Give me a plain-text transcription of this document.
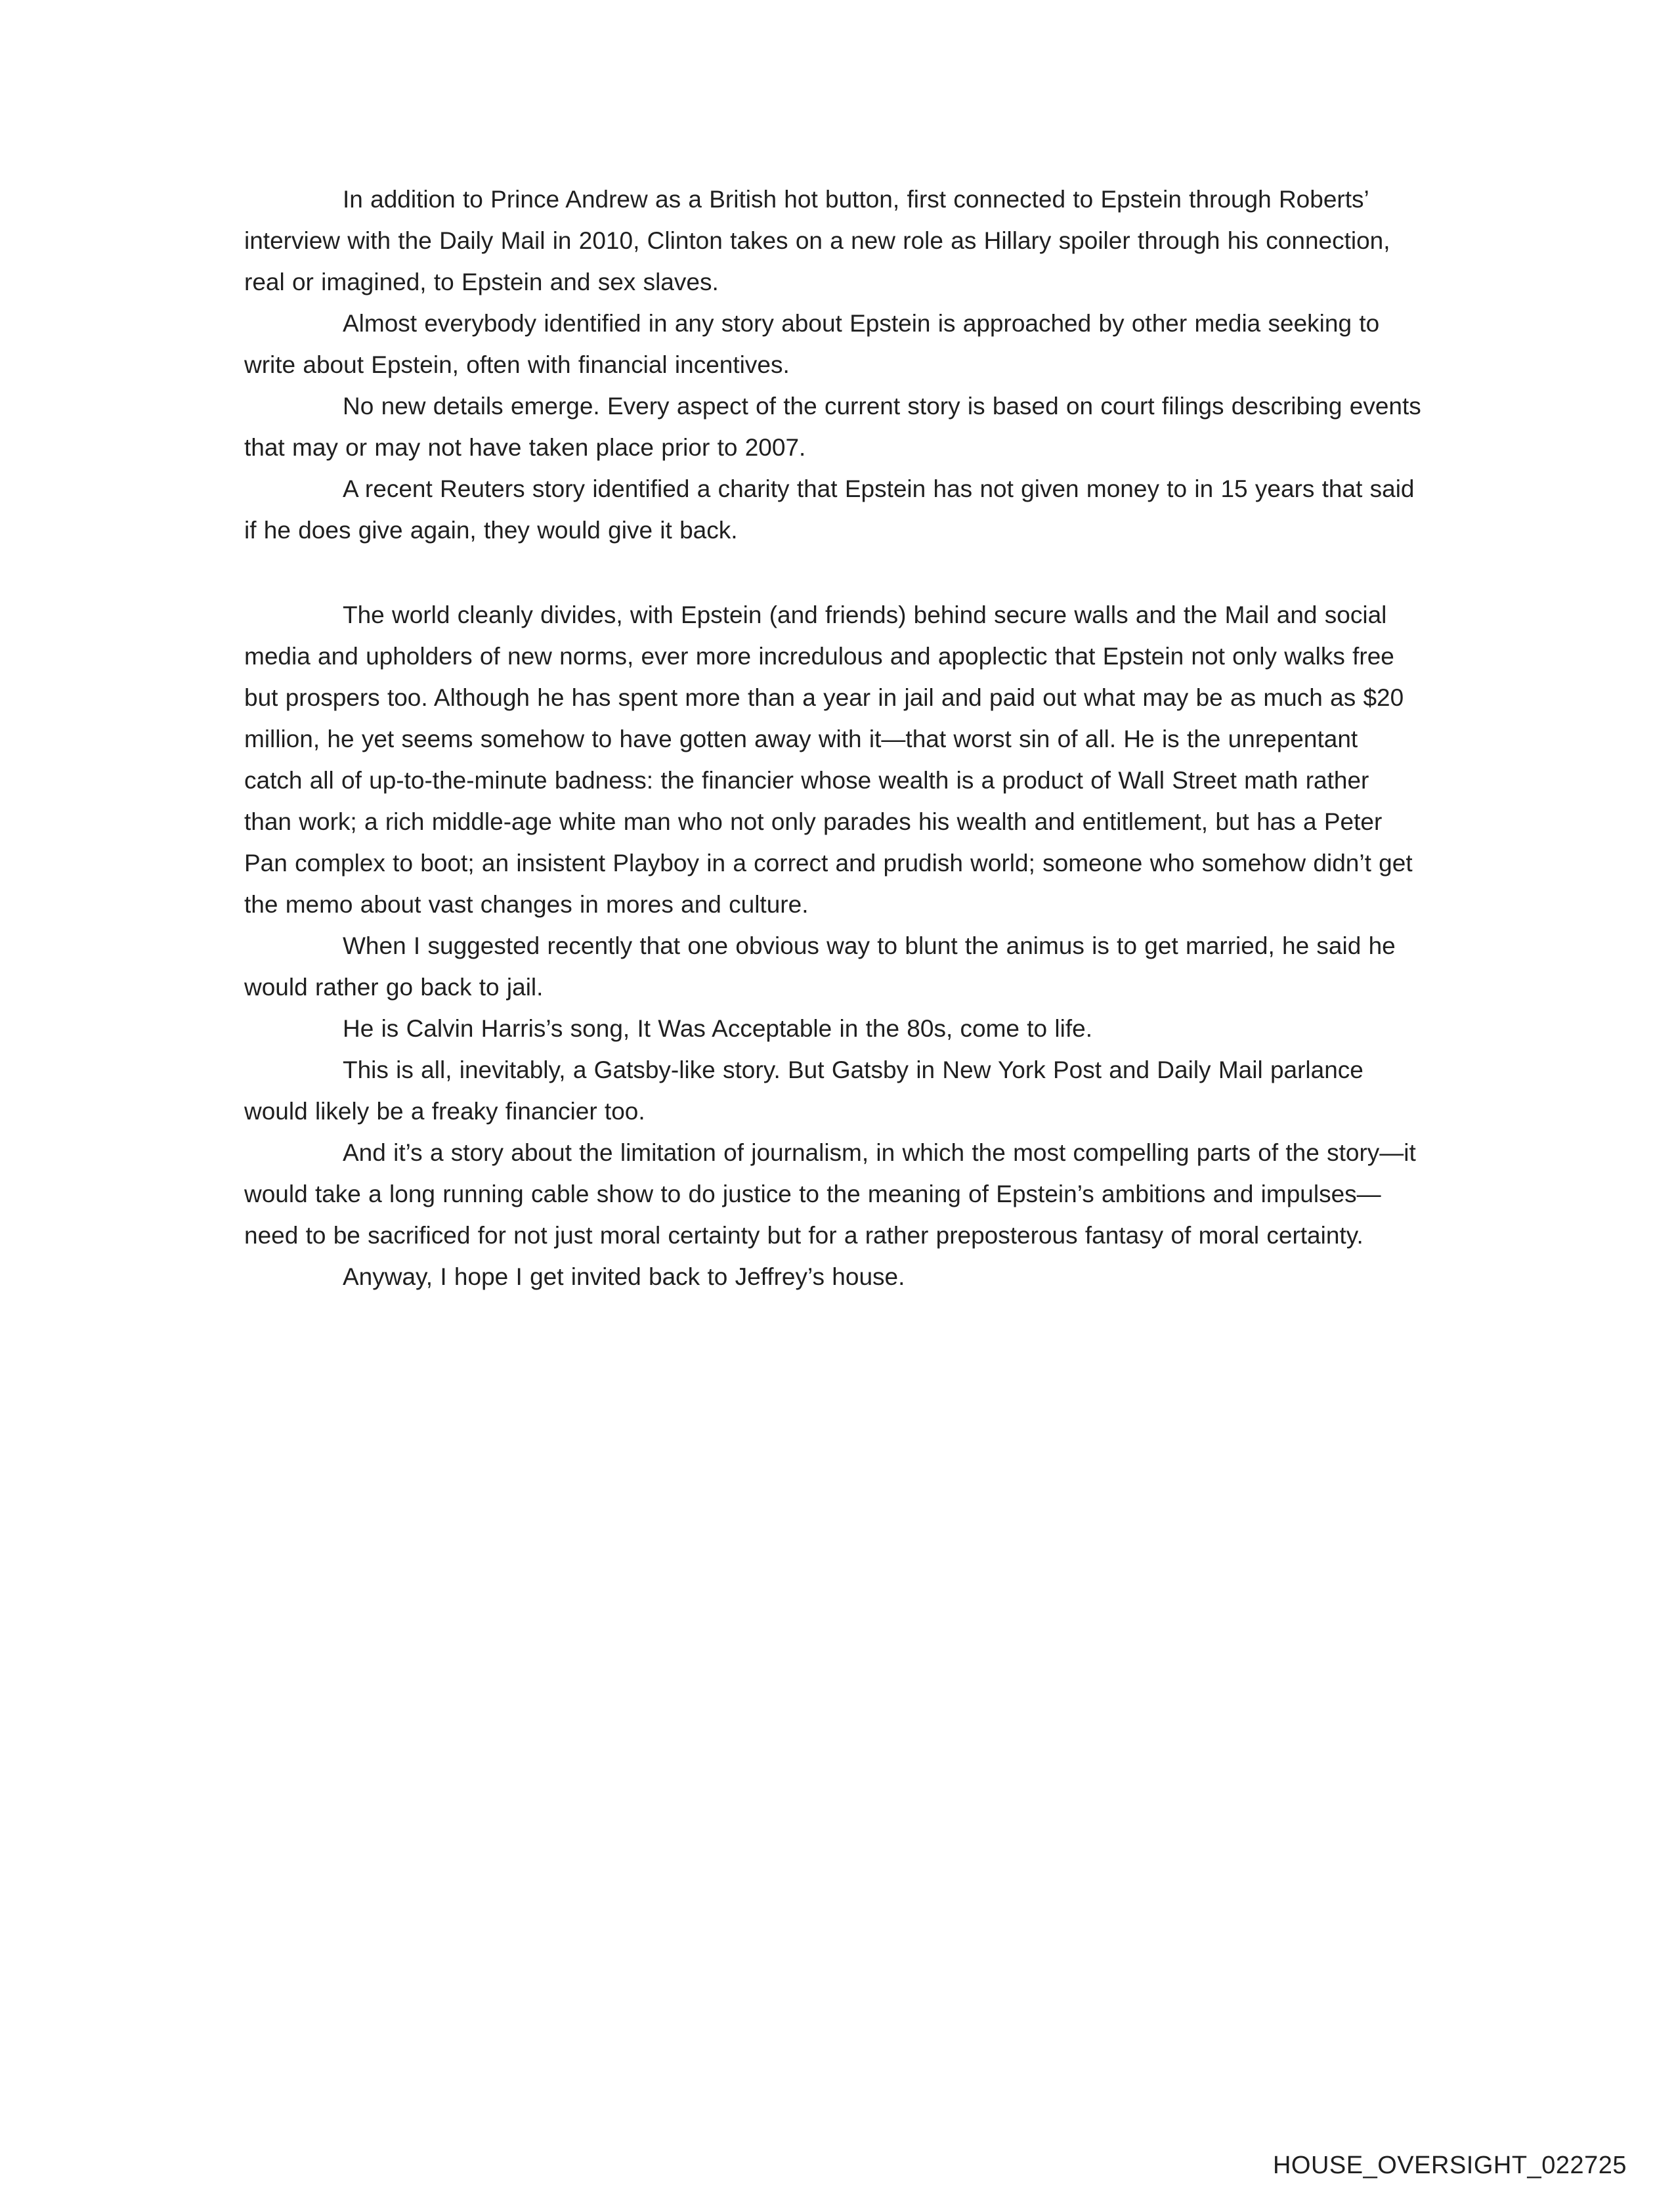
In addition to Prince Andrew as a British hot button, first connected to Epstein through Roberts’ interview with the Daily Mail in 2010, Clinton takes on a new role as Hillary spoiler through his connection, real or imagined, to Epstein and sex slaves.

Almost everybody identified in any story about Epstein is approached by other media seeking to write about Epstein, often with financial incentives.

No new details emerge. Every aspect of the current story is based on court filings describing events that may or may not have taken place prior to 2007.

A recent Reuters story identified a charity that Epstein has not given money to in 15 years that said if he does give again, they would give it back.

The world cleanly divides, with Epstein (and friends) behind secure walls and the Mail and social media and upholders of new norms, ever more incredulous and apoplectic that Epstein not only walks free but prospers too. Although he has spent more than a year in jail and paid out what may be as much as $20 million, he yet seems somehow to have gotten away with it—that worst sin of all. He is the unrepentant catch all of up-to-the-minute badness: the financier whose wealth is a product of Wall Street math rather than work; a rich middle-age white man who not only parades his wealth and entitlement, but has a Peter Pan complex to boot; an insistent Playboy in a correct and prudish world; someone who somehow didn’t get the memo about vast changes in mores and culture.

When I suggested recently that one obvious way to blunt the animus is to get married, he said he would rather go back to jail.

He is Calvin Harris’s song, It Was Acceptable in the 80s, come to life.

This is all, inevitably, a Gatsby-like story. But Gatsby in New York Post and Daily Mail parlance would likely be a freaky financier too.

And it’s a story about the limitation of journalism, in which the most compelling parts of the story—it would take a long running cable show to do justice to the meaning of Epstein’s ambitions and impulses—need to be sacrificed for not just moral certainty but for a rather preposterous fantasy of moral certainty.

Anyway, I hope I get invited back to Jeffrey’s house.

HOUSE_OVERSIGHT_022725
